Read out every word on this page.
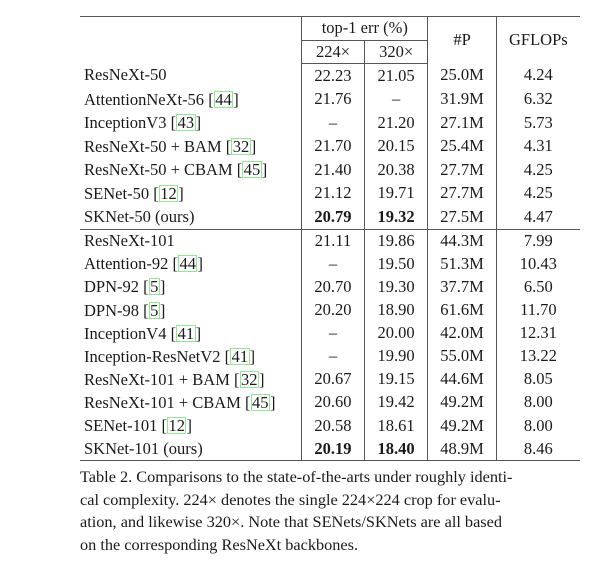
	top-1 err (%)		#P	GFLOPs
	224×	320×		
ResNeXt-50	22.23	21.05	25.0M	4.24
AttentionNeXt-56 [44]	21.76	–	31.9M	6.32
InceptionV3 [43]	–	21.20	27.1M	5.73
ResNeXt-50 + BAM [32]	21.70	20.15	25.4M	4.31
ResNeXt-50 + CBAM [45]	21.40	20.38	27.7M	4.25
SENet-50 [12]	21.12	19.71	27.7M	4.25
SKNet-50 (ours)	20.79	19.32	27.5M	4.47
ResNeXt-101	21.11	19.86	44.3M	7.99
Attention-92 [44]	–	19.50	51.3M	10.43
DPN-92 [5]	20.70	19.30	37.7M	6.50
DPN-98 [5]	20.20	18.90	61.6M	11.70
InceptionV4 [41]	–	20.00	42.0M	12.31
Inception-ResNetV2 [41]	–	19.90	55.0M	13.22
ResNeXt-101 + BAM [32]	20.67	19.15	44.6M	8.05
ResNeXt-101 + CBAM [45]	20.60	19.42	49.2M	8.00
SENet-101 [12]	20.58	18.61	49.2M	8.00
SKNet-101 (ours)	20.19	18.40	48.9M	8.46
Table 2. Comparisons to the state-of-the-arts under roughly identi-
cal complexity. 224× denotes the single 224×224 crop for evalu-
ation, and likewise 320×. Note that SENets/SKNets are all based
on the corresponding ResNeXt backbones.
